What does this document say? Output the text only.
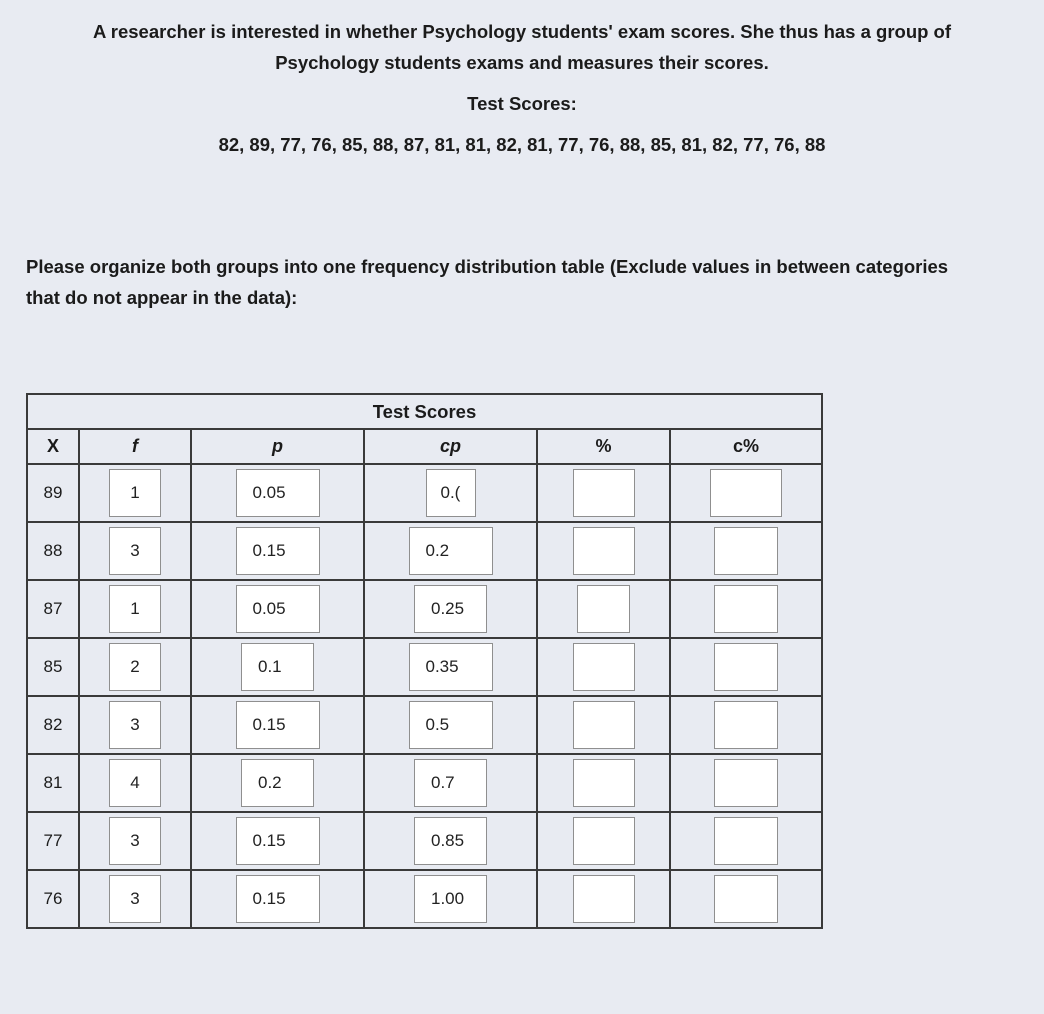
A researcher is interested in whether Psychology students' exam scores. She thus has a group of
Psychology students exams and measures their scores.
Test Scores:
82, 89, 77, 76, 85, 88, 87, 81, 81, 82, 81, 77, 76, 88, 85, 81, 82, 77, 76, 88
Please organize both groups into one frequency distribution table (Exclude values in between categories
that do not appear in the data):
Test Scores					
X	f	p	cp	%	c%
89	1	0.05	0.(		
88	3	0.15	0.2		
87	1	0.05	0.25		
85	2	0.1	0.35		
82	3	0.15	0.5		
81	4	0.2	0.7		
77	3	0.15	0.85		
76	3	0.15	1.00		
